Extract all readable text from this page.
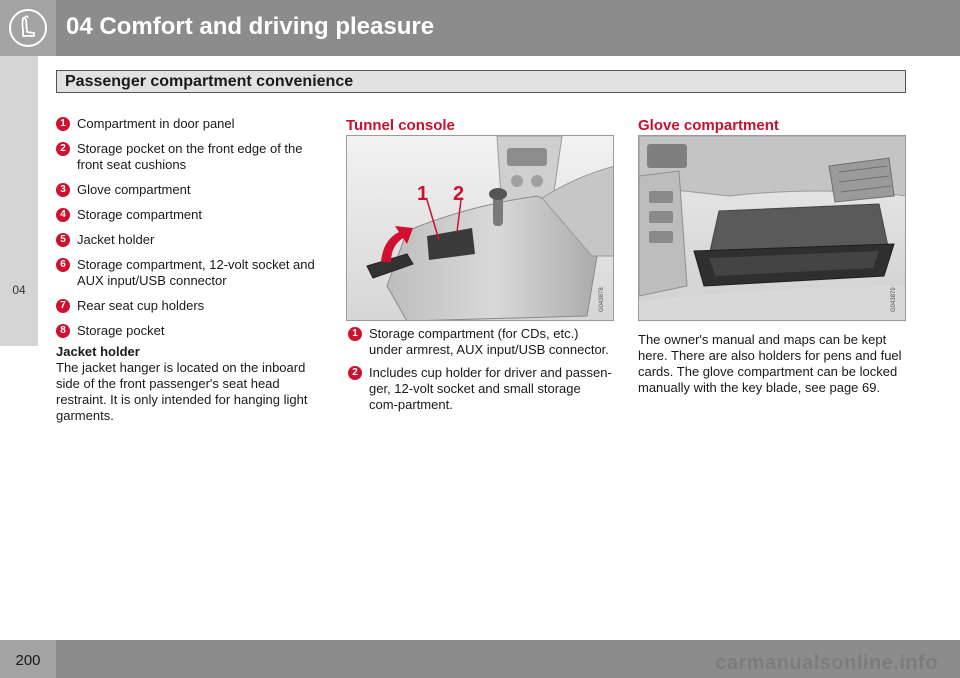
04 Comfort and driving pleasure
04
Passenger compartment convenience
1 Compartment in door panel
2 Storage pocket on the front edge of the front seat cushions
3 Glove compartment
4 Storage compartment
5 Jacket holder
6 Storage compartment, 12-volt socket and AUX input/USB connector
7 Rear seat cup holders
8 Storage pocket
Jacket holder
The jacket hanger is located on the inboard side of the front passenger's seat head restraint. It is only intended for hanging light garments.
Tunnel console
1 2
G043878
1 Storage compartment (for CDs, etc.) under armrest, AUX input/USB connector.
2 Includes cup holder for driver and passen-ger, 12-volt socket and small storage com-partment.
Glove compartment
G043879
The owner's manual and maps can be kept here. There are also holders for pens and fuel cards. The glove compartment can be locked manually with the key blade, see page 69.
200	carmanualsonline.info
